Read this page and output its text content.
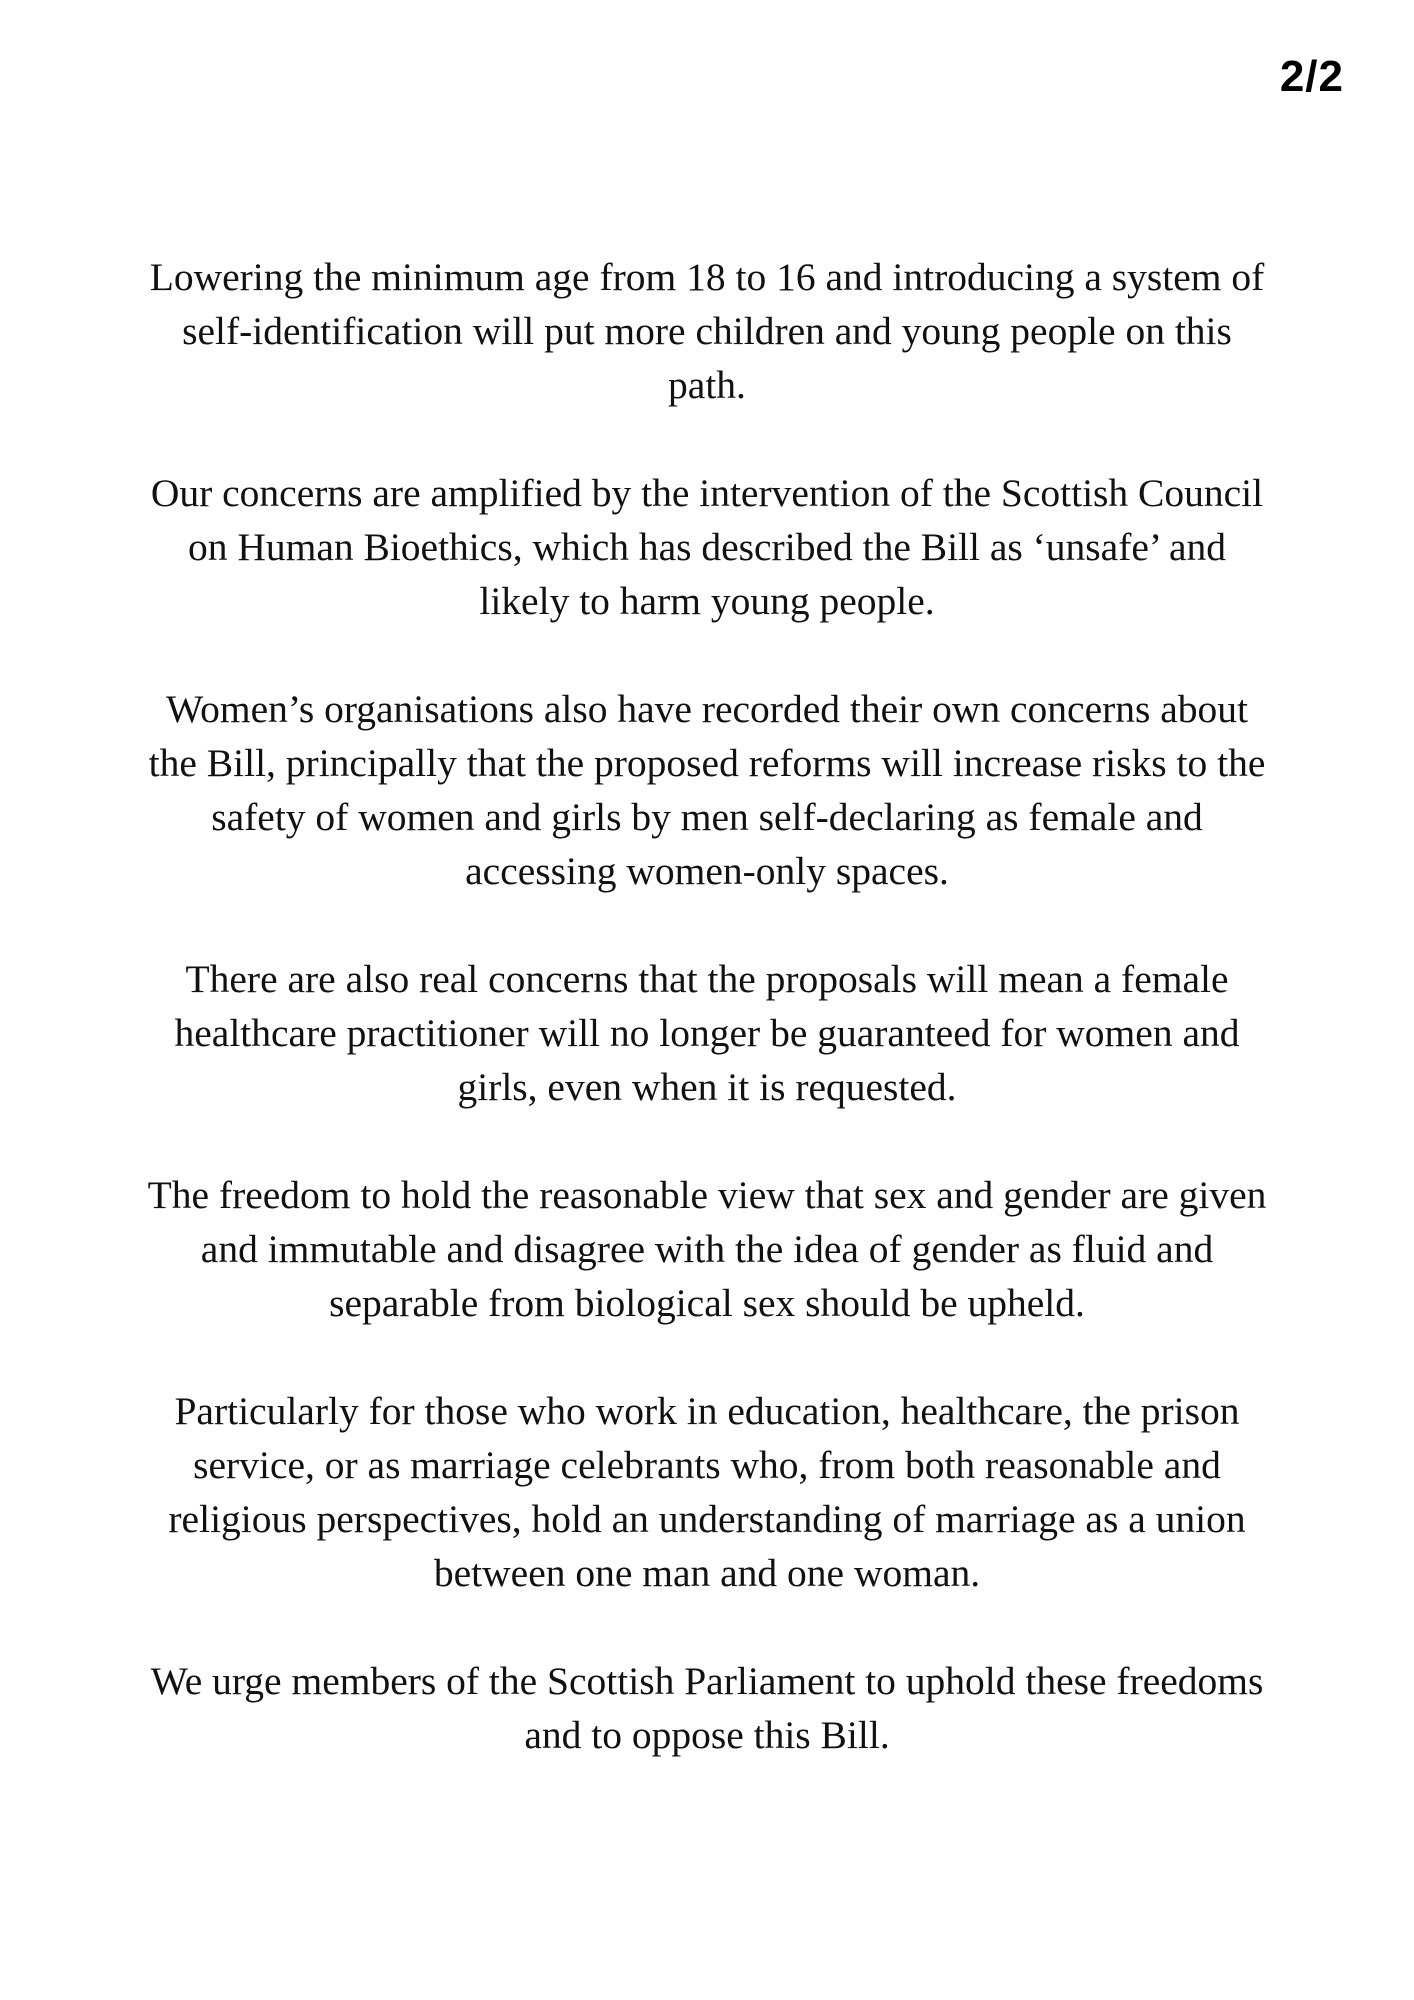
2/2

Lowering the minimum age from 18 to 16 and introducing a system of self-identification will put more children and young people on this path.

Our concerns are amplified by the intervention of the Scottish Council on Human Bioethics, which has described the Bill as ‘unsafe’ and likely to harm young people.

Women’s organisations also have recorded their own concerns about the Bill, principally that the proposed reforms will increase risks to the safety of women and girls by men self-declaring as female and accessing women-only spaces.

There are also real concerns that the proposals will mean a female healthcare practitioner will no longer be guaranteed for women and girls, even when it is requested.

The freedom to hold the reasonable view that sex and gender are given and immutable and disagree with the idea of gender as fluid and separable from biological sex should be upheld.

Particularly for those who work in education, healthcare, the prison service, or as marriage celebrants who, from both reasonable and religious perspectives, hold an understanding of marriage as a union between one man and one woman.

We urge members of the Scottish Parliament to uphold these freedoms and to oppose this Bill.
